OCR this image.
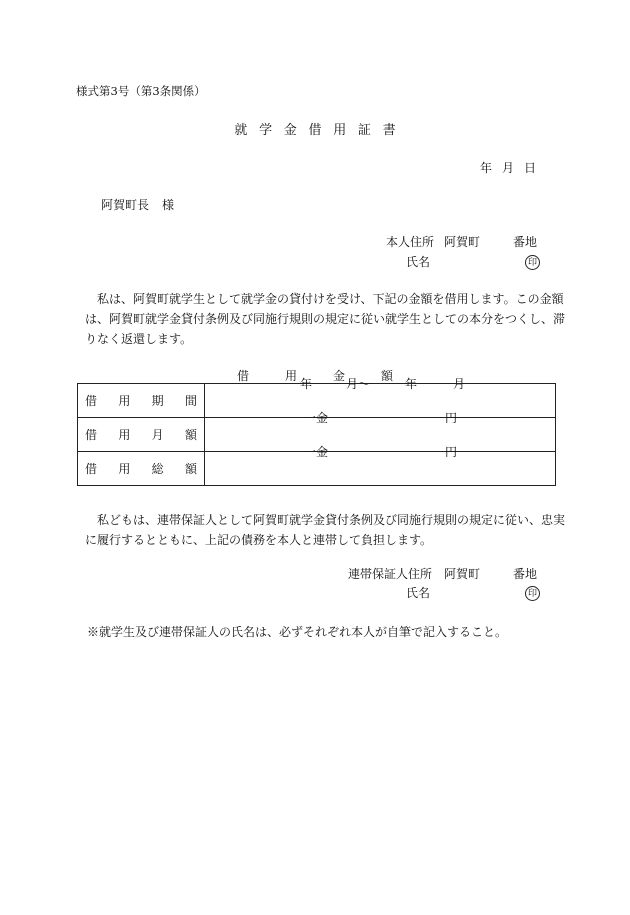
様式第3号（第3条関係）
就学金借用証書
年 月 日
阿賀町長 様
本人住所 阿賀町	番地
氏名	印
私は、阿賀町就学生として就学金の貸付けを受け、下記の金額を借用します。この金額は、阿賀町就学金貸付条例及び同施行規則の規定に従い就学生としての本分をつくし、滞りなく返還します。
借	用	金	額
借 用 期 間	年 月～ 年 月

借 用 月 額	一金 円

借 用 総 額	一金 円
私どもは、連帯保証人として阿賀町就学金貸付条例及び同施行規則の規定に従い、忠実に履行するとともに、上記の債務を本人と連帯して負担します。
連帯保証人住所 阿賀町	番地
氏名	印
※就学生及び連帯保証人の氏名は、必ずそれぞれ本人が自筆で記入すること。
